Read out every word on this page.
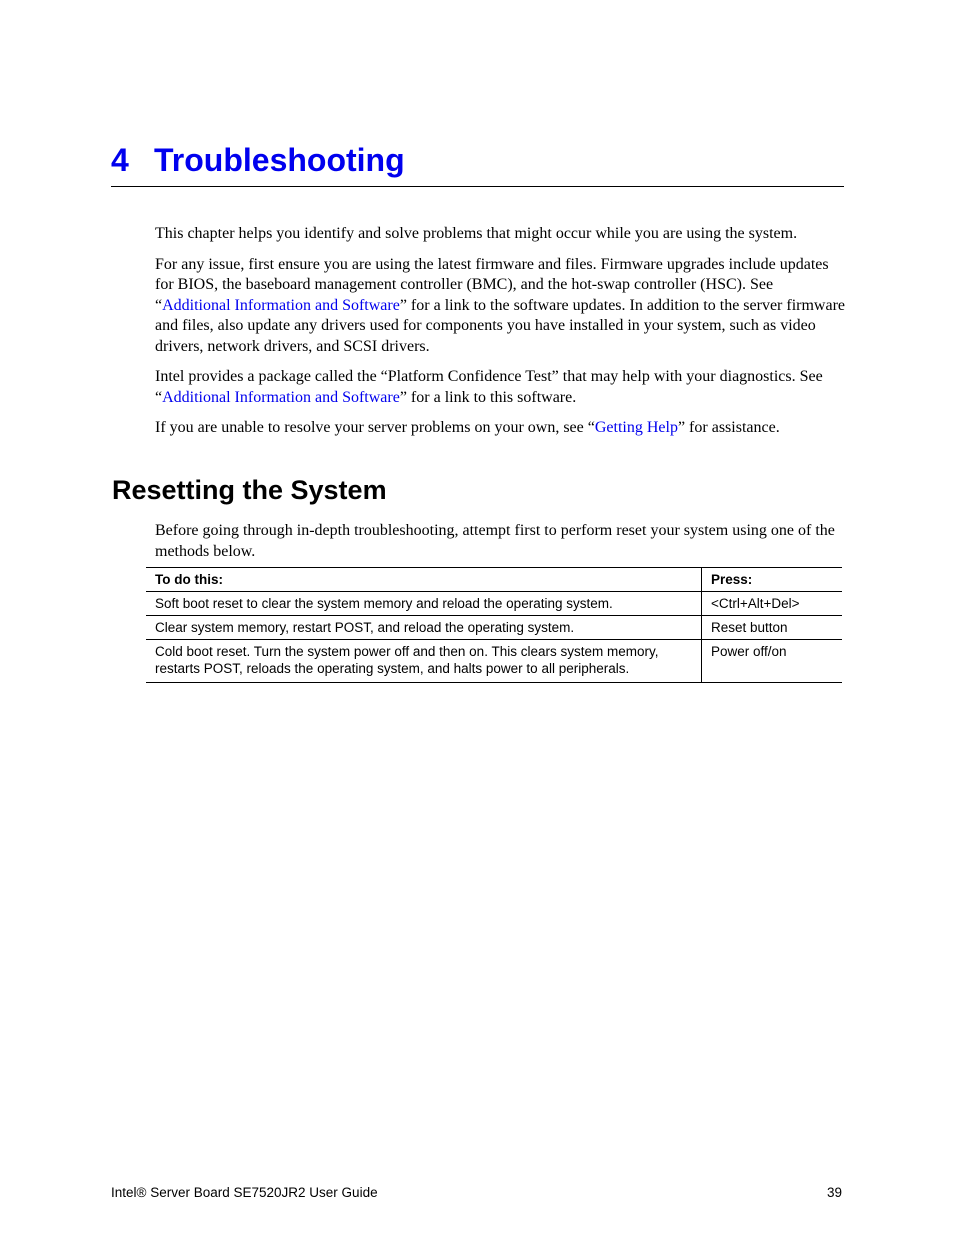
4 Troubleshooting

This chapter helps you identify and solve problems that might occur while you are using the system.

For any issue, first ensure you are using the latest firmware and files. Firmware upgrades include updates for BIOS, the baseboard management controller (BMC), and the hot-swap controller (HSC). See “Additional Information and Software” for a link to the software updates. In addition to the server firmware and files, also update any drivers used for components you have installed in your system, such as video drivers, network drivers, and SCSI drivers.

Intel provides a package called the “Platform Confidence Test” that may help with your diagnostics. See “Additional Information and Software” for a link to this software.

If you are unable to resolve your server problems on your own, see “Getting Help” for assistance.

Resetting the System

Before going through in-depth troubleshooting, attempt first to perform reset your system using one of the methods below.

To do this:	Press:
Soft boot reset to clear the system memory and reload the operating system.	<Ctrl+Alt+Del>
Clear system memory, restart POST, and reload the operating system.	Reset button
Cold boot reset. Turn the system power off and then on. This clears system memory, restarts POST, reloads the operating system, and halts power to all peripherals.	Power off/on
Intel® Server Board SE7520JR2 User Guide	39
